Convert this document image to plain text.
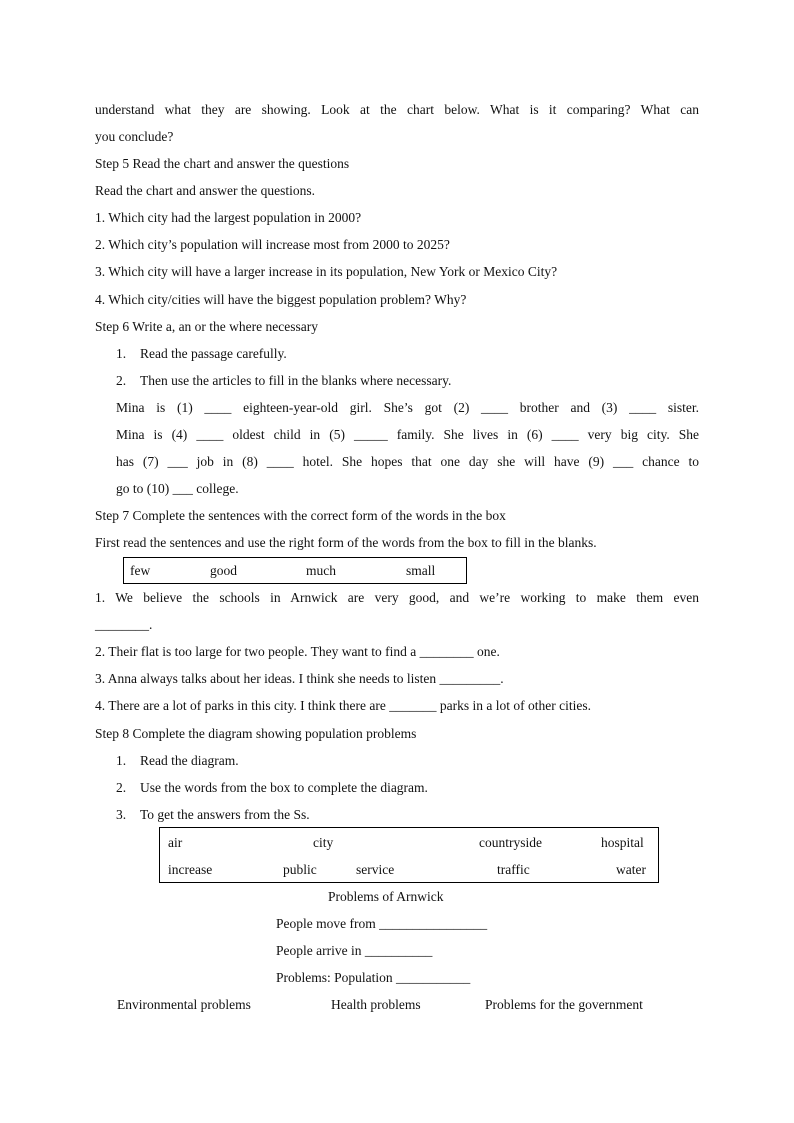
understand what they are showing. Look at the chart below. What is it comparing? What can
you conclude?
Step 5 Read the chart and answer the questions
Read the chart and answer the questions.
1. Which city had the largest population in 2000?
2. Which city’s population will increase most from 2000 to 2025?
3. Which city will have a larger increase in its population, New York or Mexico City?
4. Which city/cities will have the biggest population problem? Why?
Step 6 Write a, an or the where necessary
1. Read the passage carefully.
2. Then use the articles to fill in the blanks where necessary.
Mina is (1) ____ eighteen-year-old girl. She’s got (2) ____ brother and (3) ____ sister.
Mina is (4) ____ oldest child in (5) _____ family. She lives in (6) ____ very big city. She
has (7) ___ job in (8) ____ hotel. She hopes that one day she will have (9) ___ chance to
go to (10) ___ college.
Step 7 Complete the sentences with the correct form of the words in the box
First read the sentences and use the right form of the words from the box to fill in the blanks.
few	good	much	small
1. We believe the schools in Arnwick are very good, and we’re working to make them even
________.
2. Their flat is too large for two people. They want to find a ________ one.
3. Anna always talks about her ideas. I think she needs to listen _________.
4. There are a lot of parks in this city. I think there are _______ parks in a lot of other cities.
Step 8 Complete the diagram showing population problems
1. Read the diagram.
2. Use the words from the box to complete the diagram.
3. To get the answers from the Ss.
air	city	countryside	hospital
increase	public	service	traffic	water
Problems of Arnwick
People move from ________________
People arrive in __________
Problems: Population ___________
Environmental problems	Health problems	Problems for the government
